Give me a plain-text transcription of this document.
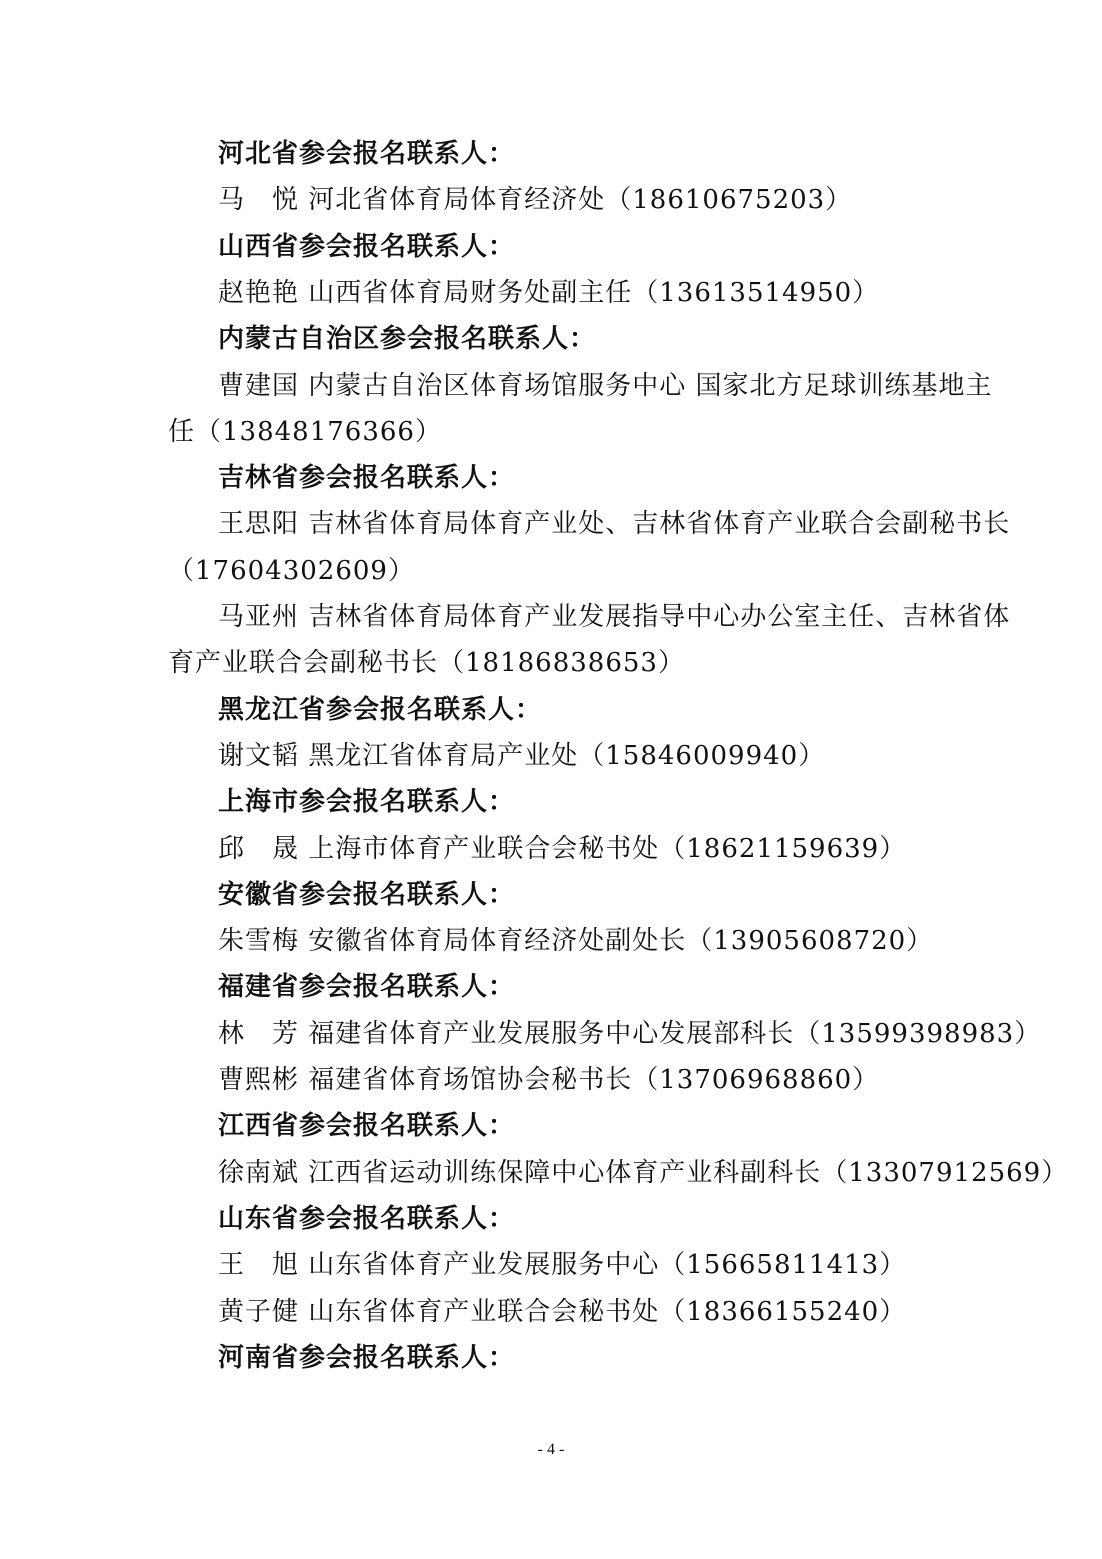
河北省参会报名联系人：
马　悦 河北省体育局体育经济处（18610675203）
山西省参会报名联系人：
赵艳艳 山西省体育局财务处副主任（13613514950）
内蒙古自治区参会报名联系人：
曹建国 内蒙古自治区体育场馆服务中心 国家北方足球训练基地主
任（13848176366）
吉林省参会报名联系人：
王思阳 吉林省体育局体育产业处、吉林省体育产业联合会副秘书长
（17604302609）
马亚州 吉林省体育局体育产业发展指导中心办公室主任、吉林省体
育产业联合会副秘书长（18186838653）
黑龙江省参会报名联系人：
谢文韬 黑龙江省体育局产业处（15846009940）
上海市参会报名联系人：
邱　晟 上海市体育产业联合会秘书处（18621159639）
安徽省参会报名联系人：
朱雪梅 安徽省体育局体育经济处副处长（13905608720）
福建省参会报名联系人：
林　芳 福建省体育产业发展服务中心发展部科长（13599398983）
曹熙彬 福建省体育场馆协会秘书长（13706968860）
江西省参会报名联系人：
徐南斌 江西省运动训练保障中心体育产业科副科长（13307912569）
山东省参会报名联系人：
王　旭 山东省体育产业发展服务中心（15665811413）
黄子健 山东省体育产业联合会秘书处（18366155240）
河南省参会报名联系人：
- 4 -
